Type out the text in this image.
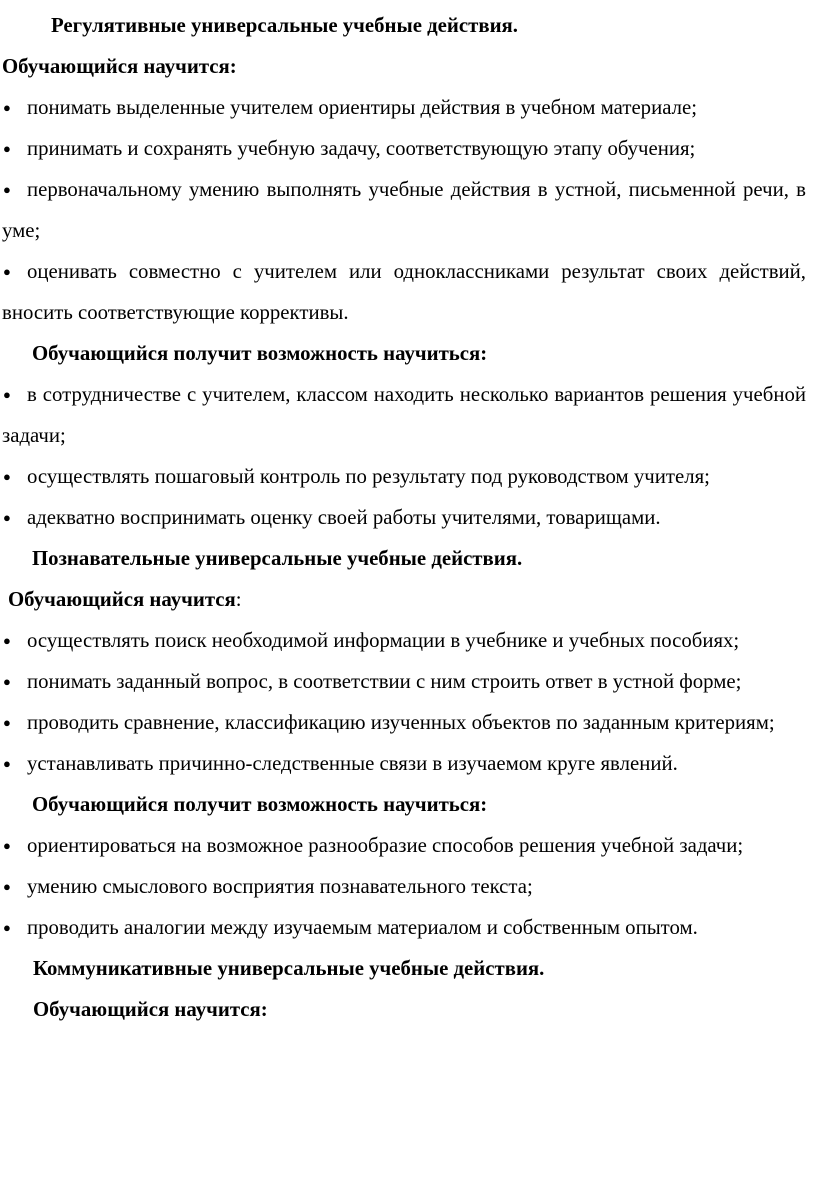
Регулятивные универсальные учебные действия.

Обучающийся научится:

● понимать выделенные учителем ориентиры действия в учебном материале;
● принимать и сохранять учебную задачу, соответствующую этапу обучения;
● первоначальному умению выполнять учебные действия в устной, письменной речи, в уме;
● оценивать совместно с учителем или одноклассниками результат своих действий, вносить соответствующие коррективы.

Обучающийся получит возможность научиться:

● в сотрудничестве с учителем, классом находить несколько вариантов решения учебной задачи;
● осуществлять пошаговый контроль по результату под руководством учителя;
● адекватно воспринимать оценку своей работы учителями, товарищами.

Познавательные универсальные учебные действия.

Обучающийся научится:

● осуществлять поиск необходимой информации в учебнике и учебных пособиях;
● понимать заданный вопрос, в соответствии с ним строить ответ в устной форме;
● проводить сравнение, классификацию изученных объектов по заданным критериям;
● устанавливать причинно-следственные связи в изучаемом круге явлений.

Обучающийся получит возможность научиться:

● ориентироваться на возможное разнообразие способов решения учебной задачи;
● умению смыслового восприятия познавательного текста;
● проводить аналогии между изучаемым материалом и собственным опытом.

Коммуникативные универсальные учебные действия.

Обучающийся научится:
